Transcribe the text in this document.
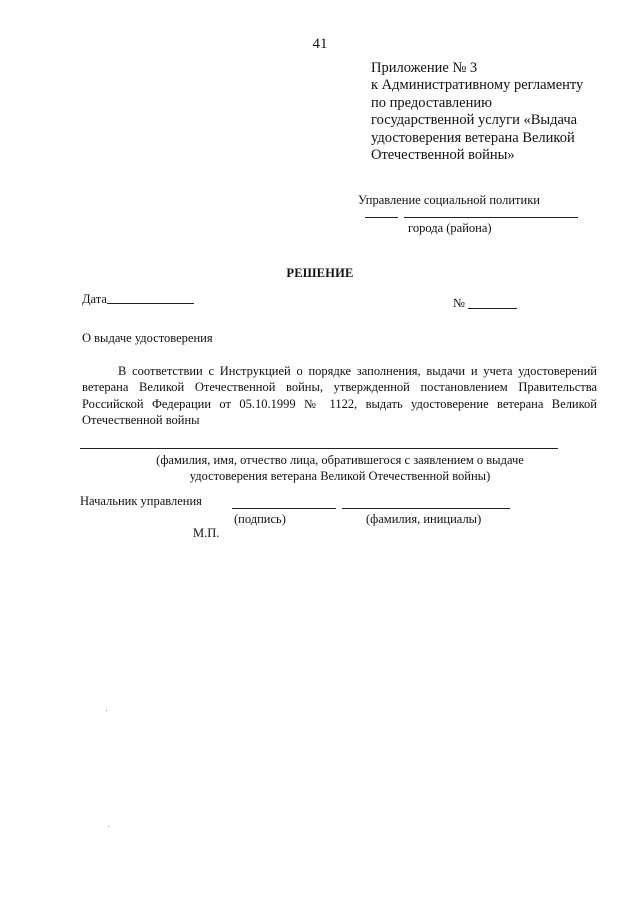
41
Приложение № 3
к Административному регламенту
по предоставлению
государственной услуги «Выдача
удостоверения ветерана Великой
Отечественной войны»
Управление социальной политики
города (района)
РЕШЕНИЕ
Дата	№
О выдаче удостоверения
В соответствии с Инструкцией о порядке заполнения, выдачи и учета удостоверений ветерана Великой Отечественной войны, утвержденной постановлением Правительства Российской Федерации от 05.10.1999 № 1122, выдать удостоверение ветерана Великой Отечественной войны
(фамилия, имя, отчество лица, обратившегося с заявлением о выдаче
удостоверения ветерана Великой Отечественной войны)
Начальник управления
(подпись)	(фамилия, инициалы)
М.П.
